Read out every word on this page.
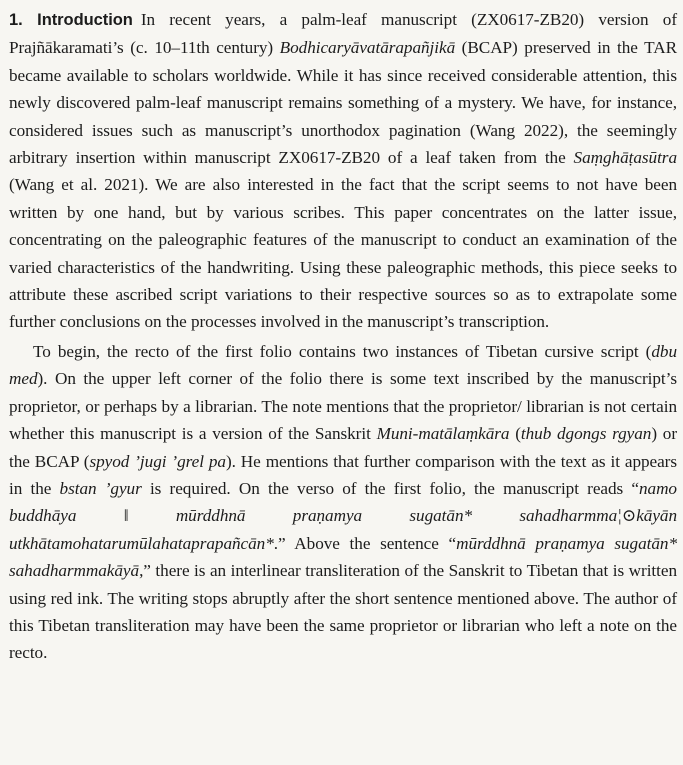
1. Introduction In recent years, a palm-leaf manuscript (ZX0617-ZB20) version of Prajñākaramati’s (c. 10–11th century) Bodhicaryāvatārapañjikā (BCAP) preserved in the TAR became available to scholars worldwide. While it has since received considerable attention, this newly discovered palm-leaf manuscript remains something of a mystery. We have, for instance, considered issues such as manuscript’s unorthodox pagination (Wang 2022), the seemingly arbitrary insertion within manuscript ZX0617-ZB20 of a leaf taken from the Saṃghāṭasūtra (Wang et al. 2021). We are also interested in the fact that the script seems to not have been written by one hand, but by various scribes. This paper concentrates on the latter issue, concentrating on the paleographic features of the manuscript to conduct an examination of the varied characteristics of the handwriting. Using these paleographic methods, this piece seeks to attribute these ascribed script variations to their respective sources so as to extrapolate some further conclusions on the processes involved in the manuscript’s transcription.

To begin, the recto of the first folio contains two instances of Tibetan cursive script (dbu med). On the upper left corner of the folio there is some text inscribed by the manuscript’s proprietor, or perhaps by a librarian. The note mentions that the proprietor/ librarian is not certain whether this manuscript is a version of the Sanskrit Muni-matālaṃkāra (thub dgongs rgyan) or the BCAP (spyod ’jugi ’grel pa). He mentions that further comparison with the text as it appears in the bstan ’gyur is required. On the verso of the first folio, the manuscript reads “namo buddhāya ‖ mūrddhnā praṇamya sugatān* sahadharmma¦⊙kāyān utkhātamohatarumūlahataprapañcān*.” Above the sentence “mūrddhnā praṇamya sugatān* sahadharmmakāyā,” there is an interlinear transliteration of the Sanskrit to Tibetan that is written using red ink. The writing stops abruptly after the short sentence mentioned above. The author of this Tibetan transliteration may have been the same proprietor or librarian who left a note on the recto.
